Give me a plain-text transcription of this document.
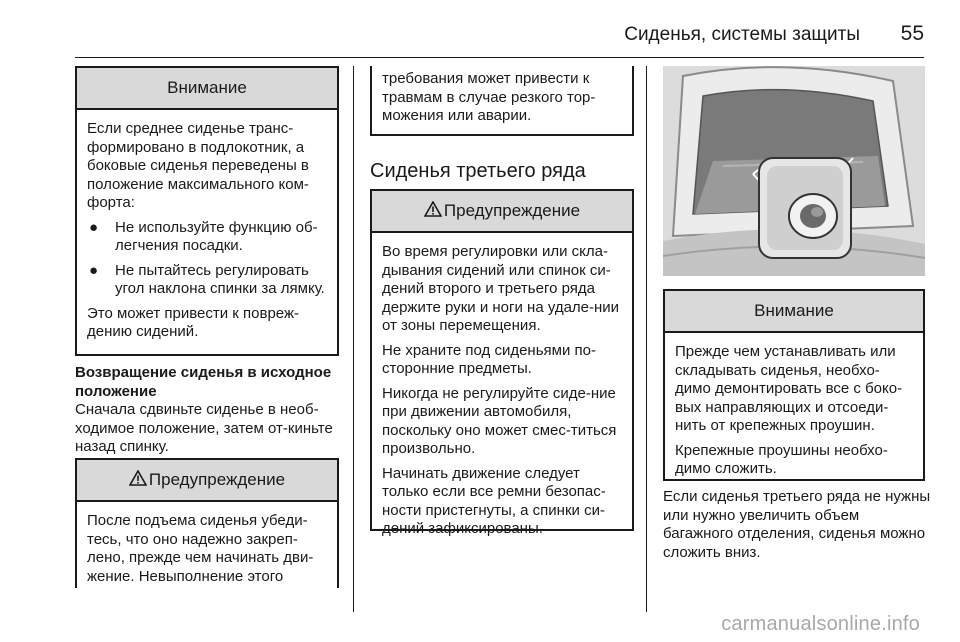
Сиденья, системы защиты 55
Внимание

Если среднее сиденье транс-формировано в подлокотник, а боковые сиденья переведены в положение максимального ком-форта:

● Не используйте функцию об-легчения посадки.
● Не пытайтесь регулировать угол наклона спинки за лямку.

Это может привести к повреж-дению сидений.

Возвращение сиденья в исходное положение

Сначала сдвиньте сиденье в необ-ходимое положение, затем от-киньте назад спинку.

Предупреждение

После подъема сиденья убеди-тесь, что оно надежно закреп-лено, прежде чем начинать дви-жение. Невыполнение этого

требования может привести к травмам в случае резкого тор-можения или аварии.

Сиденья третьего ряда
Предупреждение

Во время регулировки или скла-дывания сидений или спинок си-дений второго и третьего ряда держите руки и ноги на удале-нии от зоны перемещения.

Не храните под сиденьями по-сторонние предметы.

Никогда не регулируйте сиде-ние при движении автомобиля, поскольку оно может смес-титься произвольно.

Начинать движение следует только если все ремни безопас-ности пристегнуты, а спинки си-дений зафиксированы.

Внимание

Прежде чем устанавливать или складывать сиденья, необхо-димо демонтировать все с боко-вых направляющих и отсоеди-нить от крепежных проушин.

Крепежные проушины необхо-димо сложить.

Если сиденья третьего ряда не нужны или нужно увеличить объем багажного отделения, сиденья можно сложить вниз.
carmanualsonline.info
